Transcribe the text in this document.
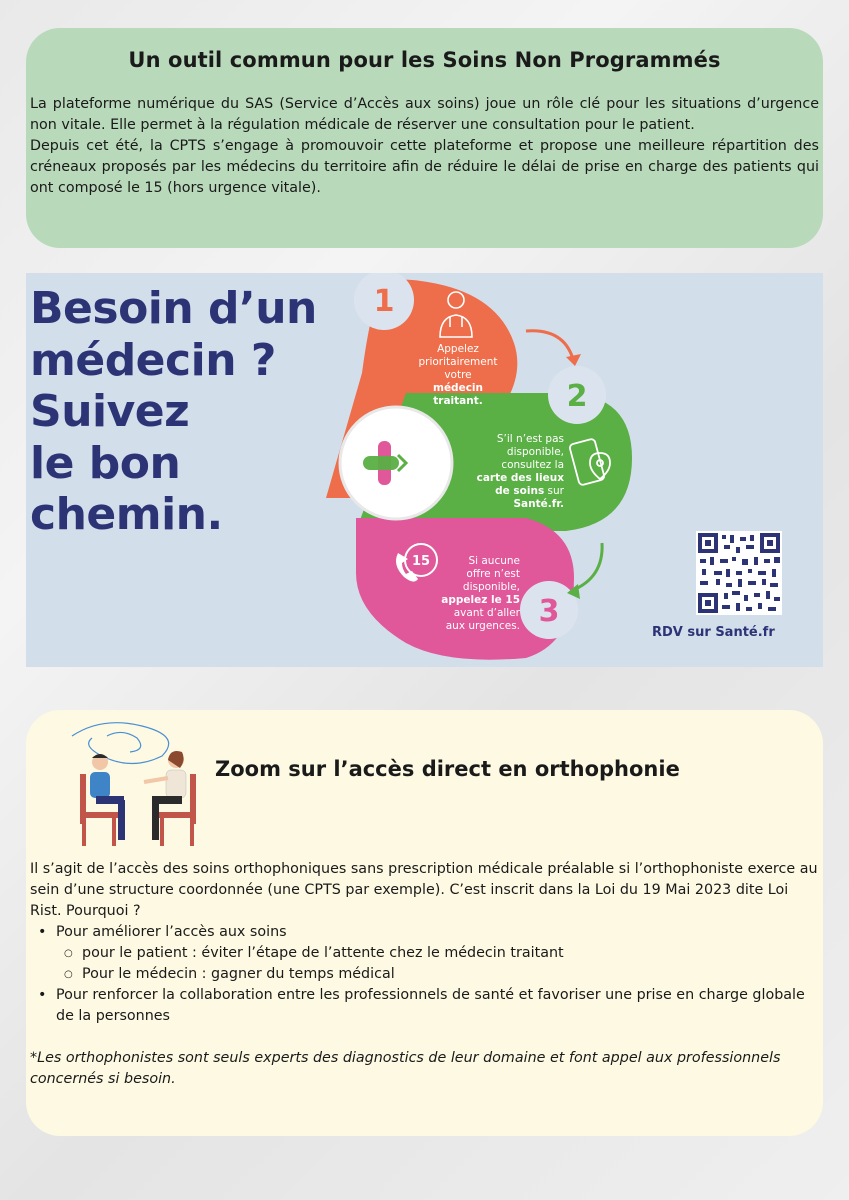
Un outil commun pour les Soins Non Programmés

La plateforme numérique du SAS (Service d’Accès aux soins) joue un rôle clé pour les situations d’urgence non vitale. Elle permet à la régulation médicale de réserver une consultation pour le patient.

Depuis cet été, la CPTS s’engage à promouvoir cette plateforme et propose une meilleure répartition des créneaux proposés par les médecins du territoire afin de réduire le délai de prise en charge des patients qui ont composé le 15 (hors urgence vitale).

1
2
3
15
Besoin d’un
médecin ?
Suivez
le bon
chemin.
Appelez
prioritairement
votre médecin
traitant.
S’il n’est pas
disponible,
consultez la
carte des lieux
de soins sur
Santé.fr.
Si aucune
offre n’est
disponible,
appelez le 15
avant d’aller
aux urgences.	RDV sur Santé.fr
Zoom sur l’accès direct en orthophonie

Il s’agit de l’accès des soins orthophoniques sans prescription médicale préalable si l’orthophoniste exerce au sein d’une structure coordonnée (une CPTS par exemple). C’est inscrit dans la Loi du 19 Mai 2023 dite Loi Rist. Pourquoi ?

• Pour améliorer l’accès aux soins
○ pour le patient : éviter l’étape de l’attente chez le médecin traitant
○ Pour le médecin : gagner du temps médical
• Pour renforcer la collaboration entre les professionnels de santé et favoriser une prise en charge globale de la personnes

*Les orthophonistes sont seuls experts des diagnostics de leur domaine et font appel aux professionnels concernés si besoin.
